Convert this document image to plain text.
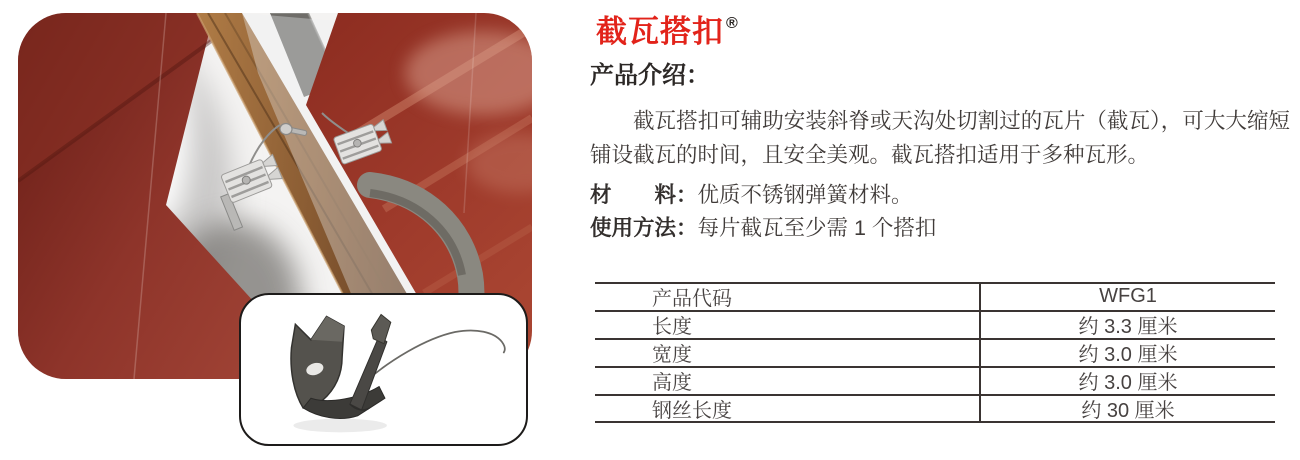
截瓦搭扣 ®
产品介绍：

截瓦搭扣可辅助安装斜脊或天沟处切割过的瓦片（截瓦），可大大缩短铺设截瓦的时间，且安全美观。截瓦搭扣适用于多种瓦形。

材　　料：优质不锈钢弹簧材料。
使用方法：每片截瓦至少需 1 个搭扣
产品代码	WFG1
长度	约 3.3 厘米
宽度	约 3.0 厘米
高度	约 3.0 厘米
钢丝长度	约 30 厘米
